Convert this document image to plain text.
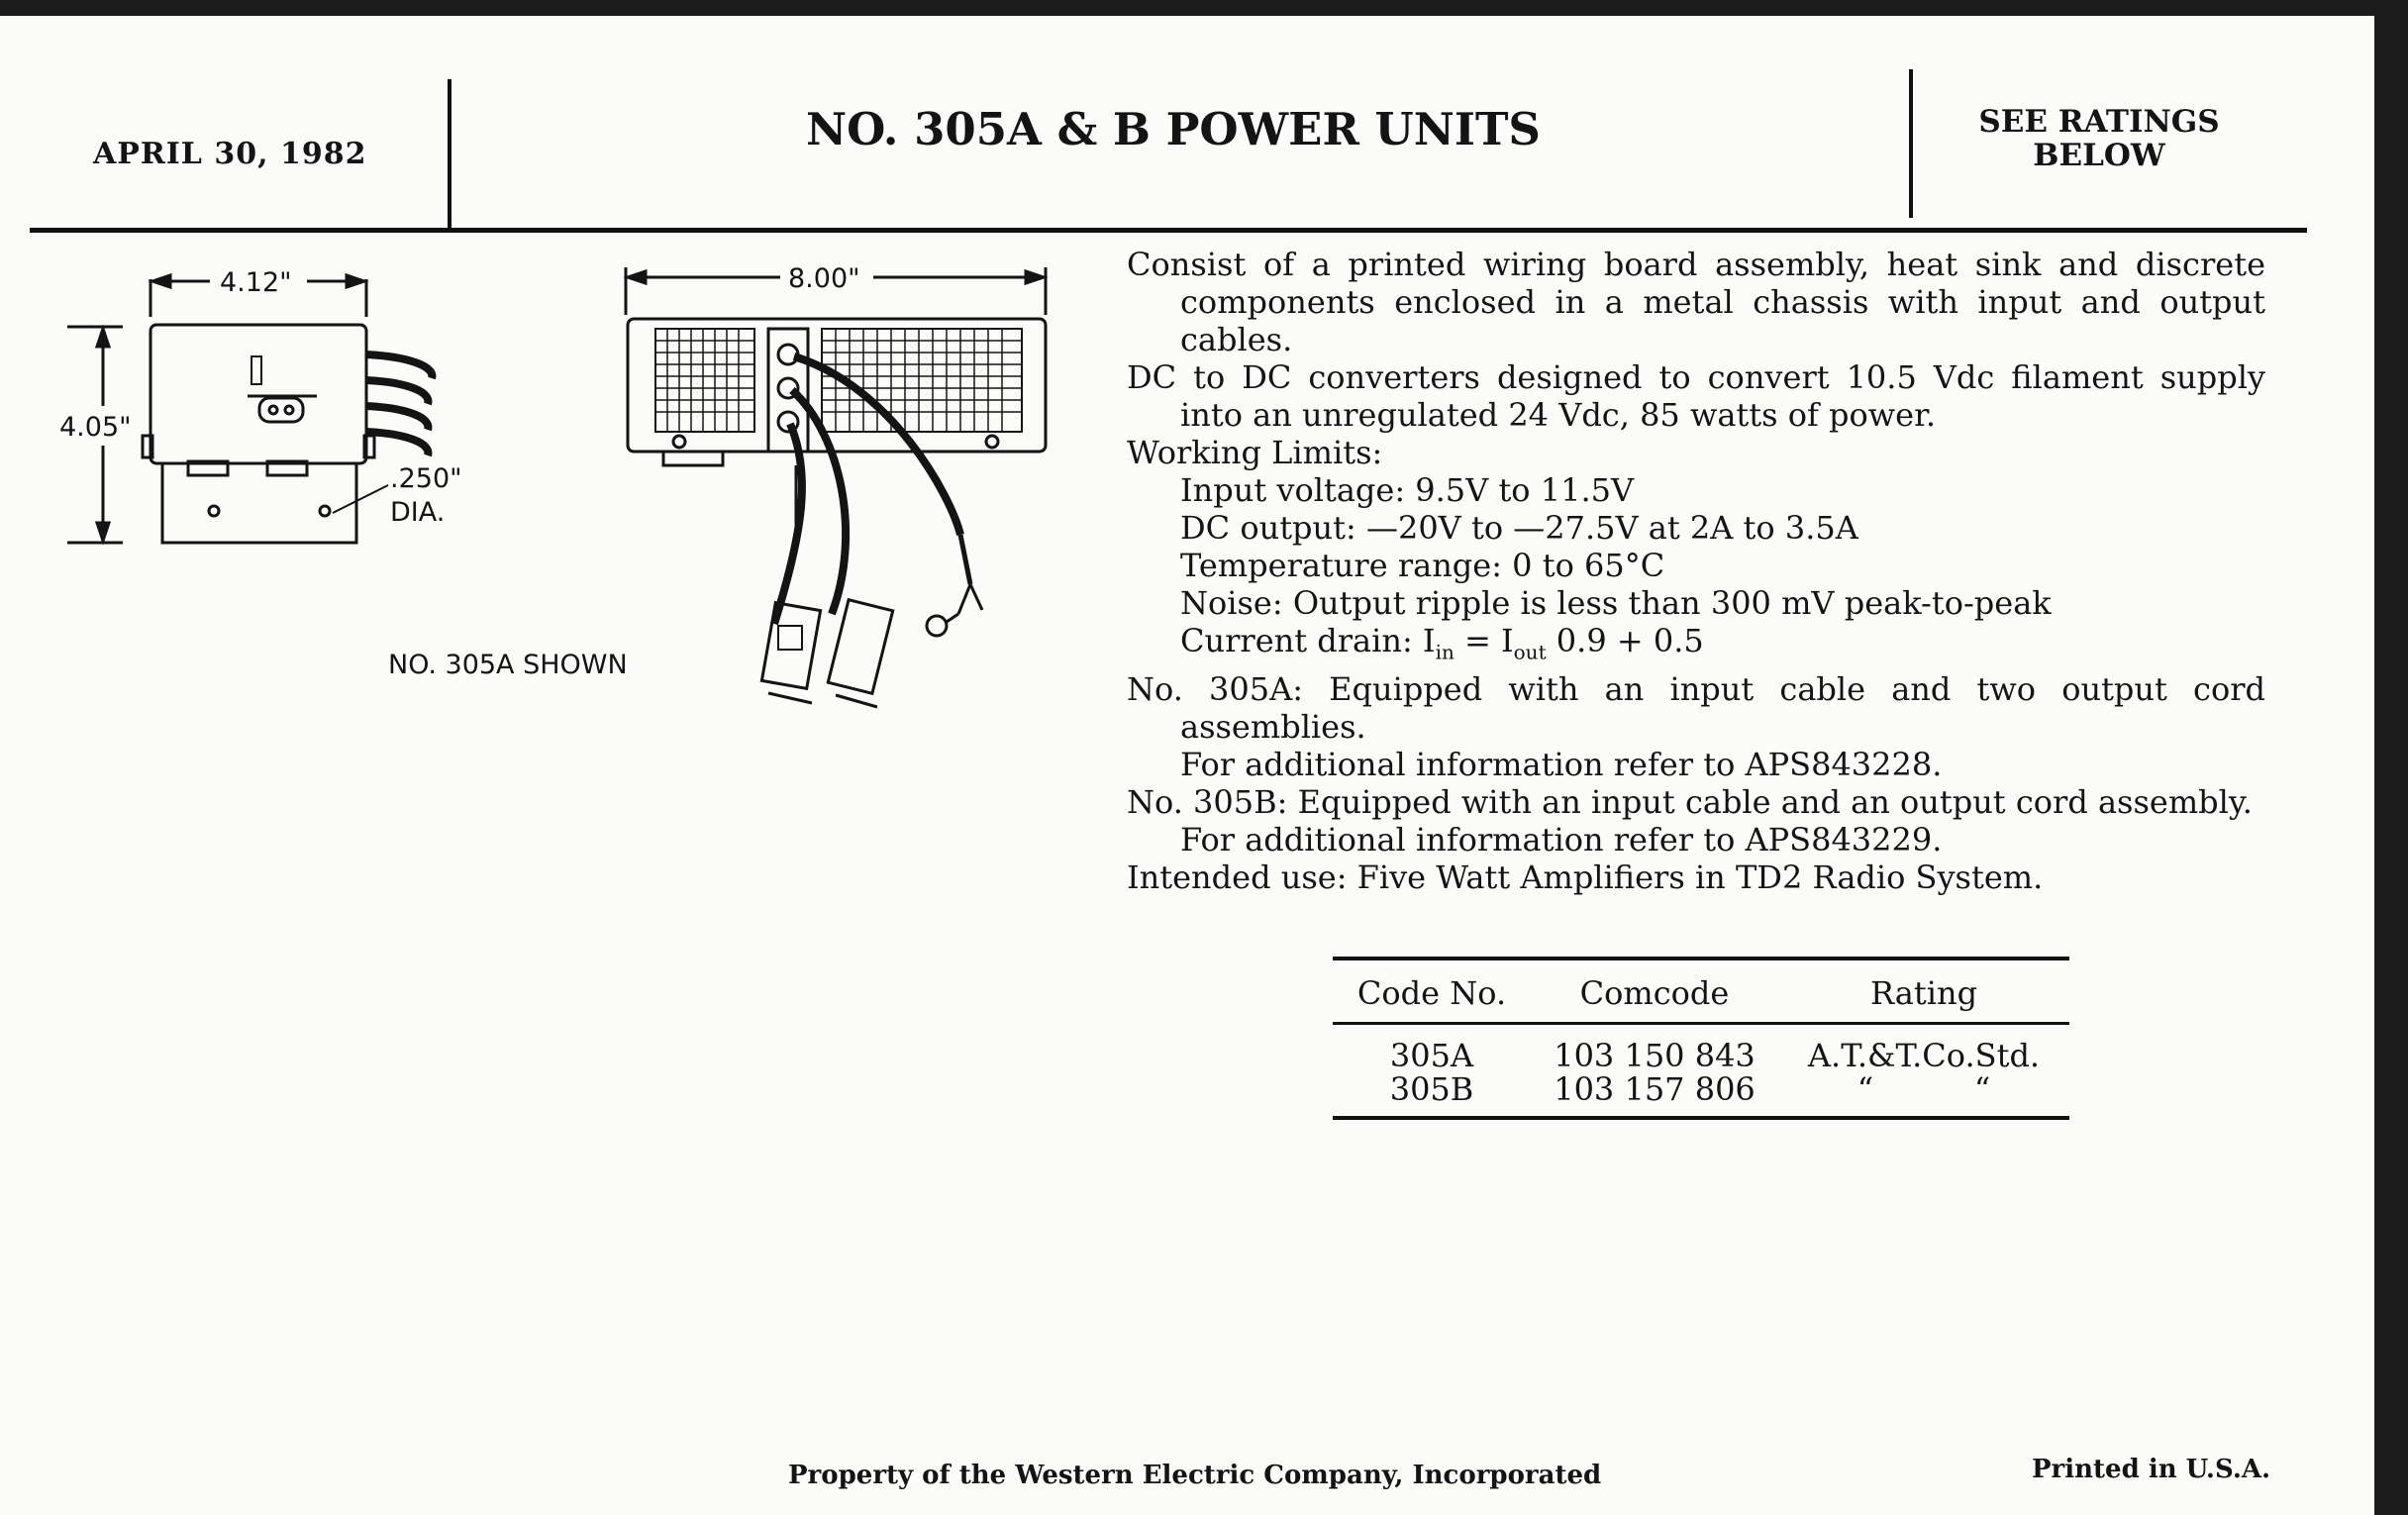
APRIL 30, 1982	NO. 305A & B POWER UNITS	SEE RATINGS
BELOW
4.12"
4.05"
.250"
DIA.
8.00"
NO. 305A SHOWN

Consist of a printed wiring board assembly, heat sink and discrete components enclosed in a metal chassis with input and output cables.

DC to DC converters designed to convert 10.5 Vdc filament supply into an unregulated 24 Vdc, 85 watts of power.

Working Limits:

Input voltage: 9.5V to 11.5V

DC output: —20V to —27.5V at 2A to 3.5A

Temperature range: 0 to 65°C

Noise: Output ripple is less than 300 mV peak-to-peak

Current drain: $I_{in} = I_{out}$ 0.9 + 0.5

No. 305A: Equipped with an input cable and two output cord assemblies.

For additional information refer to APS843228.

No. 305B: Equipped with an input cable and an output cord assembly.

For additional information refer to APS843229.

Intended use: Five Watt Amplifiers in TD2 Radio System.

Code No.	Comcode	Rating
305A	103 150 843	A.T.&T.Co.Std.
305B	103 157 806	“          “
Property of the Western Electric Company, Incorporated	Printed in U.S.A.
